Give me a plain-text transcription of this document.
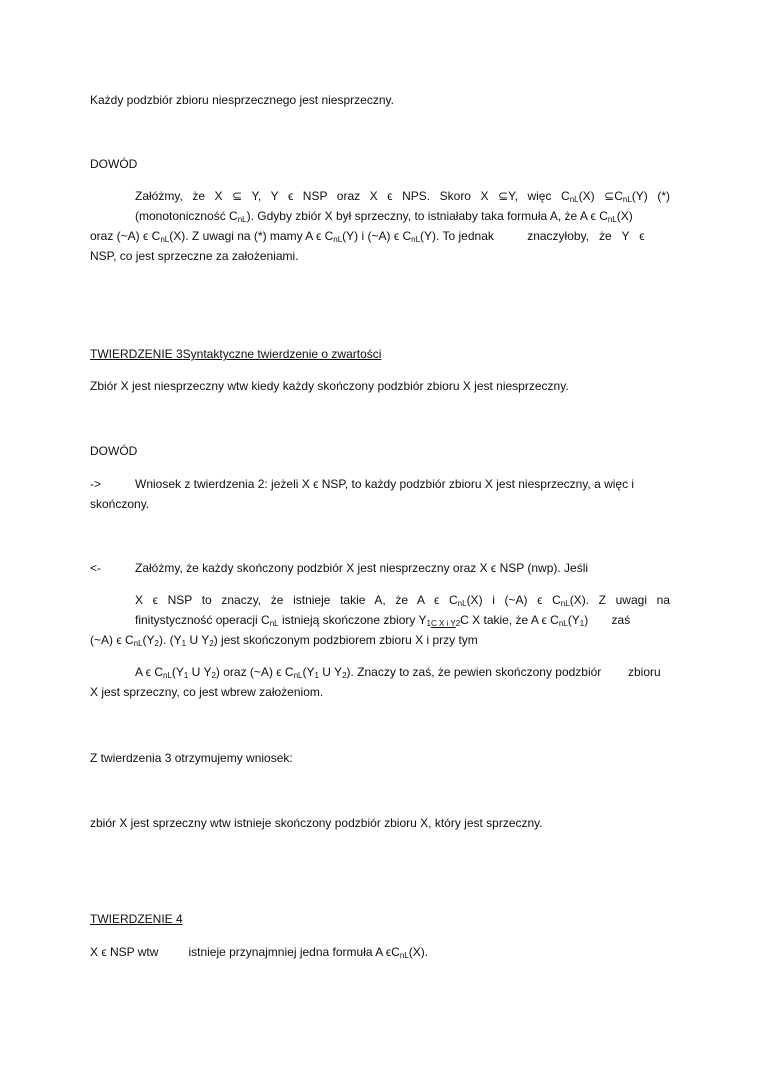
Każdy podzbiór zbioru niesprzecznego jest niesprzeczny.

DOWÓD

Załóżmy, że X ⊆ Y, Y ϵ NSP oraz X ϵ NPS. Skoro X ⊆Y, więc $C_{nL}(X)$ $⊆C_{nL}(Y)$ (*)
(monotoniczność $C_{nL}$). Gdyby zbiór X był sprzeczny, to istniałaby taka formuła A, że A ϵ $C_{nL}(X)$
oraz (~A) ϵ $C_{nL}(X)$. Z uwagi na (*) mamy A ϵ $C_{nL}(Y)$ i (~A) ϵ $C_{nL}(Y)$. To jednak          znaczyłoby,   że   Y   ϵ
NSP, co jest sprzeczne za założeniami.

TWIERDZENIE 3Syntaktyczne twierdzenie o zwartości

Zbiór X jest niesprzeczny wtw kiedy każdy skończony podzbiór zbioru X jest niesprzeczny.

DOWÓD

->	Wniosek z twierdzenia 2: jeżeli X ϵ NSP, to każdy podzbiór zbioru X jest niesprzeczny, a więc i
skończony.
<-	Załóżmy, że każdy skończony podzbiór X jest niesprzeczny oraz X ϵ NSP (nwp). Jeśli
X ϵ NSP to znaczy, że istnieje takie A, że A ϵ $C_{nL}(X)$ i (~A) ϵ $C_{nL}(X)$. Z uwagi na
finitystyczność operacji $C_{nL}$ istnieją skończone zbiory $Y_{1C X i Y2}C$ X takie, że A ϵ $C_{nL}(Y_1)$       zaś
(~A) ϵ $C_{nL}(Y_2)$. ($Y_1$ U $Y_2$) jest skończonym podzbiorem zbioru X i przy tym
A ϵ $C_{nL}(Y_1$ U $Y_2$) oraz (~A) ϵ $C_{nL}(Y_1$ U $Y_2$). Znaczy to zaś, że pewien skończony podzbiór        zbioru
X jest sprzeczny, co jest wbrew założeniom.

Z twierdzenia 3 otrzymujemy wniosek:

zbiór X jest sprzeczny wtw istnieje skończony podzbiór zbioru X, który jest sprzeczny.

TWIERDZENIE 4

X ϵ NSP wtw	istnieje przynajmniej jedna formuła A $\epsilon C_{nL}(X)$.
